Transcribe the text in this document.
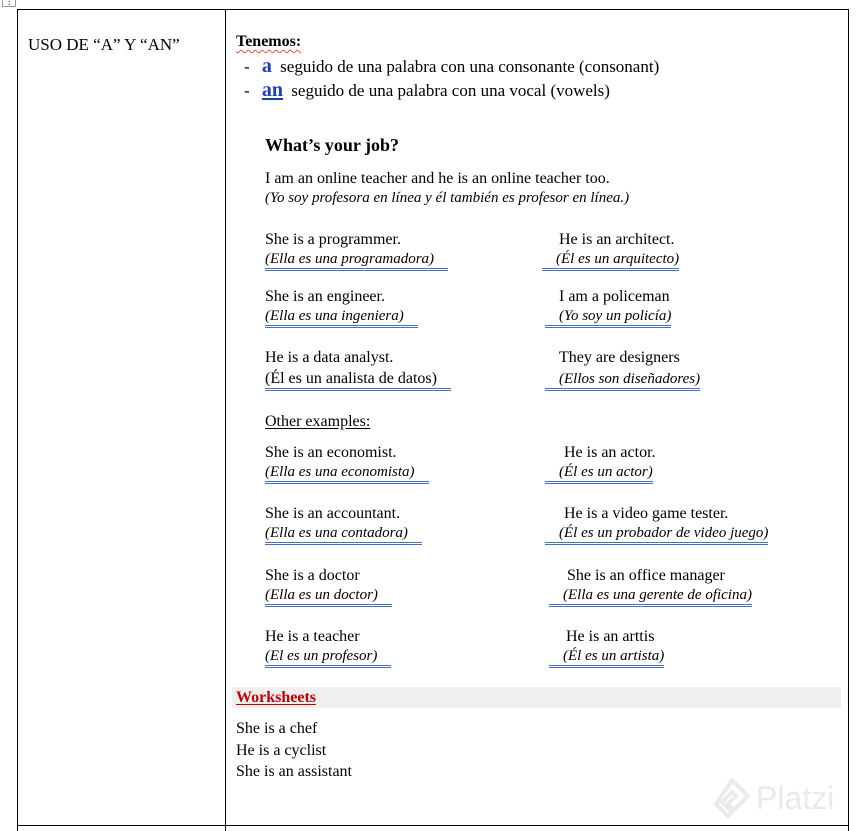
↕
USO DE “A” Y “AN”	Tenemos:
- a seguido de una palabra con una consonante (consonant)
- an seguido de una palabra con una vocal (vowels)
What’s your job?
I am an online teacher and he is an online teacher too.
(Yo soy profesora en línea y él también es profesor en línea.)
She is a programmer.
(Ella es una programadora)
He is an architect.
(Él es un arquitecto)
She is an engineer.
(Ella es una ingeniera)
I am a policeman
(Yo soy un policía)
He is a data analyst.
(Él es un analista de datos)
They are designers
(Ellos son diseñadores)
Other examples:
She is an economist.
(Ella es una economista)
He is an actor.
(Él es un actor)
She is an accountant.
(Ella es una contadora)
He is a video game tester.
(Él es un probador de video juego)
She is a doctor
(Ella es un doctor)
She is an office manager
(Ella es una gerente de oficina)
He is a teacher
(El es un profesor)
He is an arttis
(Él es un artista)
Worksheets
She is a chef
He is a cyclist
She is an assistant
Platzi
